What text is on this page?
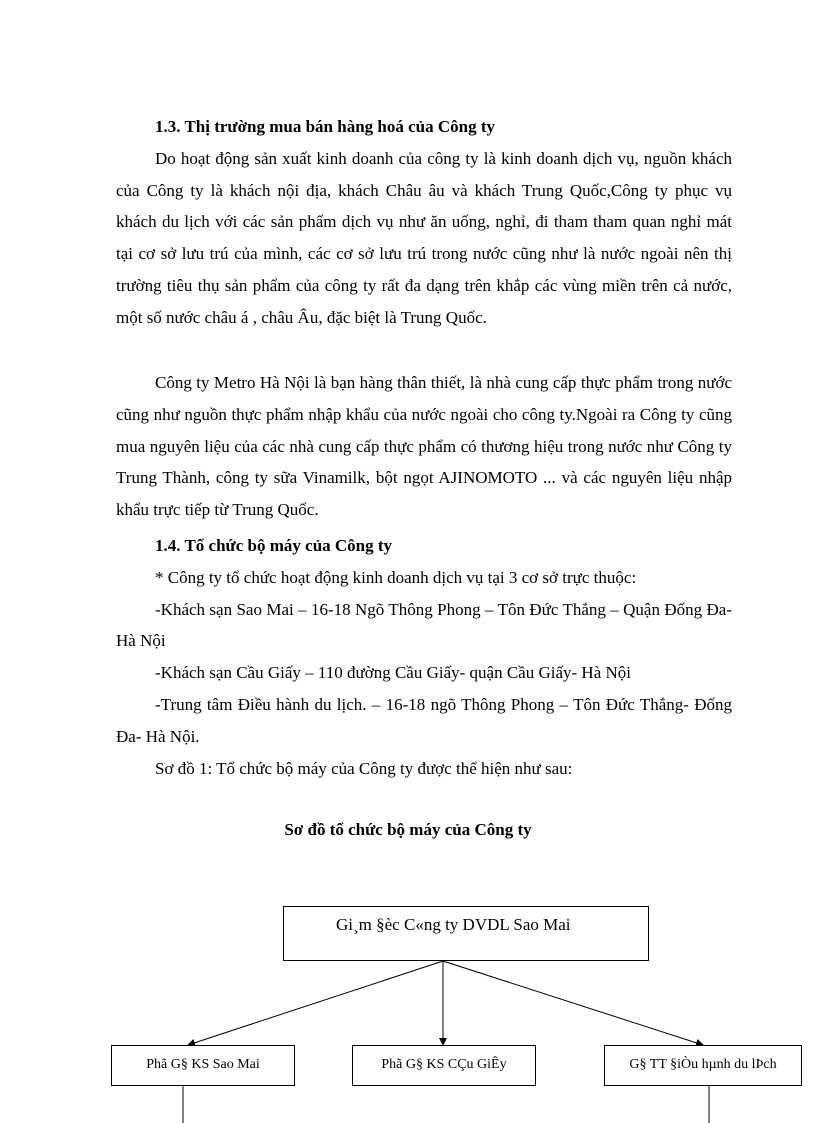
1.3. Thị trường mua bán hàng hoá của Công ty

Do hoạt động sản xuất kinh doanh của công ty là kinh doanh dịch vụ, nguồn khách của Công ty là khách nội địa, khách Châu âu và khách Trung Quốc,Công ty phục vụ khách du lịch với các sản phẩm dịch vụ như ăn uống, nghỉ, đi tham tham quan nghỉ mát tại cơ sở lưu trú của mình, các cơ sở lưu trú trong nước cũng như là nước ngoài nên thị trường tiêu thụ sản phẩm của công ty rất đa dạng trên khắp các vùng miền trên cả nước, một số nước châu á , châu Âu, đặc biệt là Trung Quốc.

Công ty Metro Hà Nội là bạn hàng thân thiết, là nhà cung cấp thực phẩm trong nước cũng như nguồn thực phẩm nhập khẩu của nước ngoài cho công ty.Ngoài ra Công ty cũng mua nguyên liệu của các nhà cung cấp thực phẩm có thương hiệu trong nước như Công ty Trung Thành, công ty sữa Vinamilk, bột ngọt AJINOMOTO ... và các nguyên liệu nhập khẩu trực tiếp từ Trung Quốc.

1.4. Tổ chức bộ máy của Công ty

* Công ty tổ chức hoạt động kinh doanh dịch vụ tại 3 cơ sở trực thuộc:

-Khách sạn Sao Mai – 16-18 Ngõ Thông Phong – Tôn Đức Thắng – Quận Đống Đa- Hà Nội

-Khách sạn Cầu Giấy – 110 đường Cầu Giấy- quận Cầu Giấy- Hà Nội

-Trung tâm Điều hành du lịch. – 16-18 ngõ Thông Phong – Tôn Đức Thắng- Đống Đa- Hà Nội.

Sơ đồ 1: Tổ chức bộ máy của Công ty được thể hiện như sau:

Sơ đồ tổ chức bộ máy của Công ty
Gi¸m §èc C«ng ty DVDL Sao Mai
Phã G§ KS Sao Mai	Phã G§ KS CÇu GiÊy	G§ TT §iÒu hµnh du lÞch
